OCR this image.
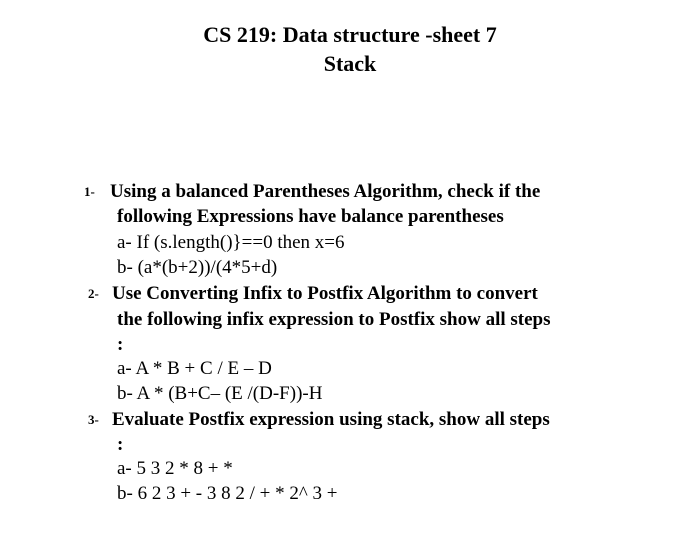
CS 219: Data structure -sheet 7
Stack
1- Using a balanced Parentheses Algorithm, check if the
following Expressions have balance parentheses
a- If (s.length()}==0 then x=6
b- (a*(b+2))/(4*5+d)
2- Use Converting Infix to Postfix Algorithm to convert
the following infix expression to Postfix show all steps
:
a- A * B + C / E – D
b- A * (B+C– (E /(D-F))-H
3- Evaluate Postfix expression using stack, show all steps
:
a- 5 3 2 * 8 + *
b- 6 2 3 + - 3 8 2 / + * 2^ 3 +
